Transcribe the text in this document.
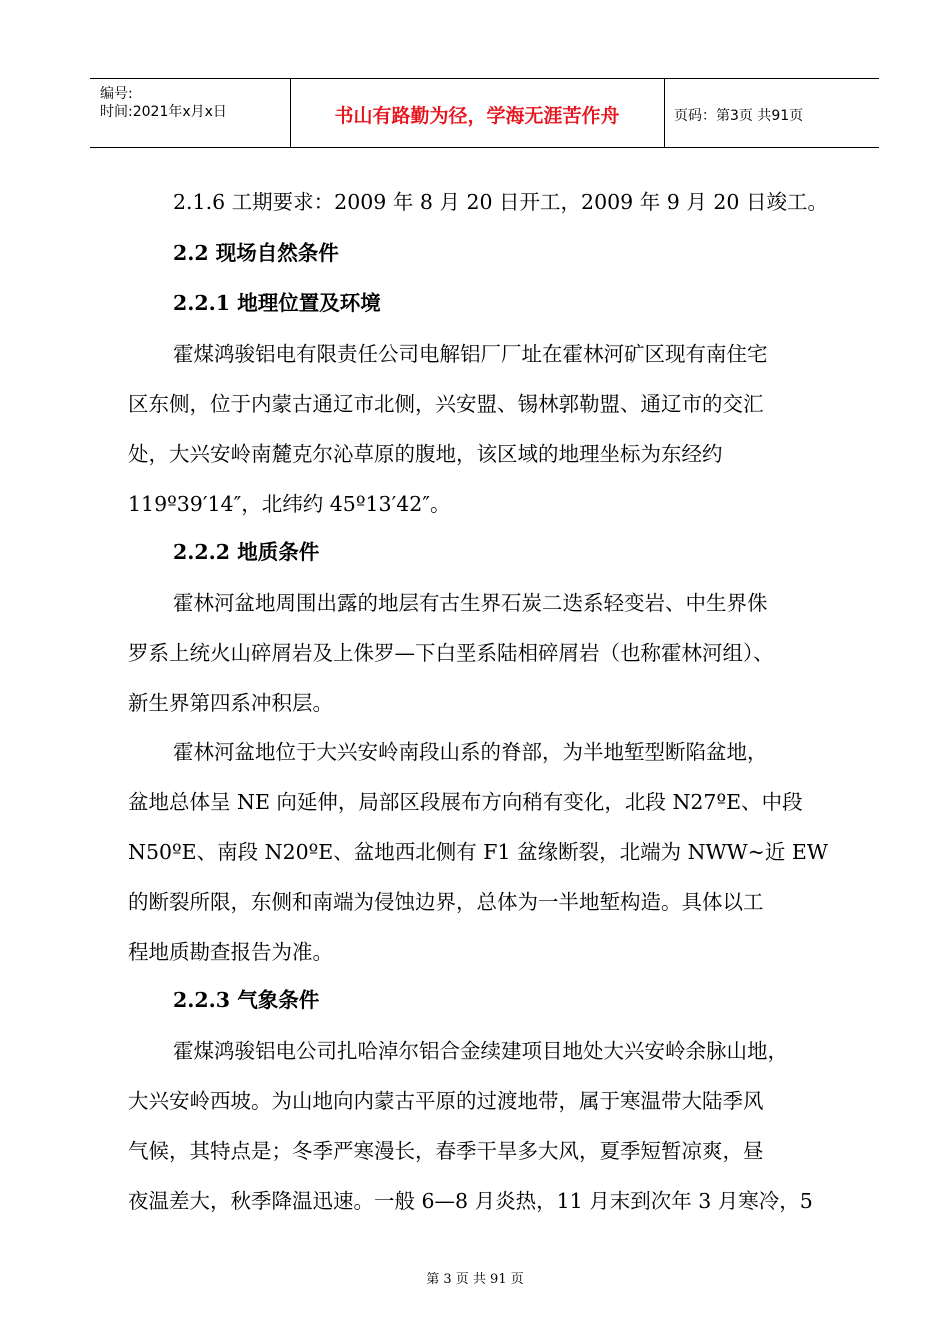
编号:
时间:2021年x月x日	书山有路勤为径，学海无涯苦作舟	页码：第3页 共91页
2.1.6 工期要求：2009 年 8 月 20 日开工，2009 年 9 月 20 日竣工。
2.2 现场自然条件
2.2.1 地理位置及环境
霍煤鸿骏铝电有限责任公司电解铝厂厂址在霍林河矿区现有南住宅
区东侧，位于内蒙古通辽市北侧，兴安盟、锡林郭勒盟、通辽市的交汇
处，大兴安岭南麓克尔沁草原的腹地，该区域的地理坐标为东经约
119º39′14″，北纬约 45º13′42″。
2.2.2 地质条件
霍林河盆地周围出露的地层有古生界石炭二迭系轻变岩、中生界侏
罗系上统火山碎屑岩及上侏罗—下白垩系陆相碎屑岩（也称霍林河组）、
新生界第四系冲积层。
霍林河盆地位于大兴安岭南段山系的脊部，为半地堑型断陷盆地，
盆地总体呈 NE 向延伸，局部区段展布方向稍有变化，北段 N27ºE、中段
N50ºE、南段 N20ºE、盆地西北侧有 F1 盆缘断裂，北端为 NWW~近 EW
的断裂所限，东侧和南端为侵蚀边界，总体为一半地堑构造。具体以工
程地质勘查报告为准。
2.2.3 气象条件
霍煤鸿骏铝电公司扎哈淖尔铝合金续建项目地处大兴安岭余脉山地，
大兴安岭西坡。为山地向内蒙古平原的过渡地带，属于寒温带大陆季风
气候，其特点是；冬季严寒漫长，春季干旱多大风，夏季短暂凉爽，昼
夜温差大，秋季降温迅速。一般 6—8 月炎热，11 月末到次年 3 月寒冷，5
第 3 页 共 91 页
